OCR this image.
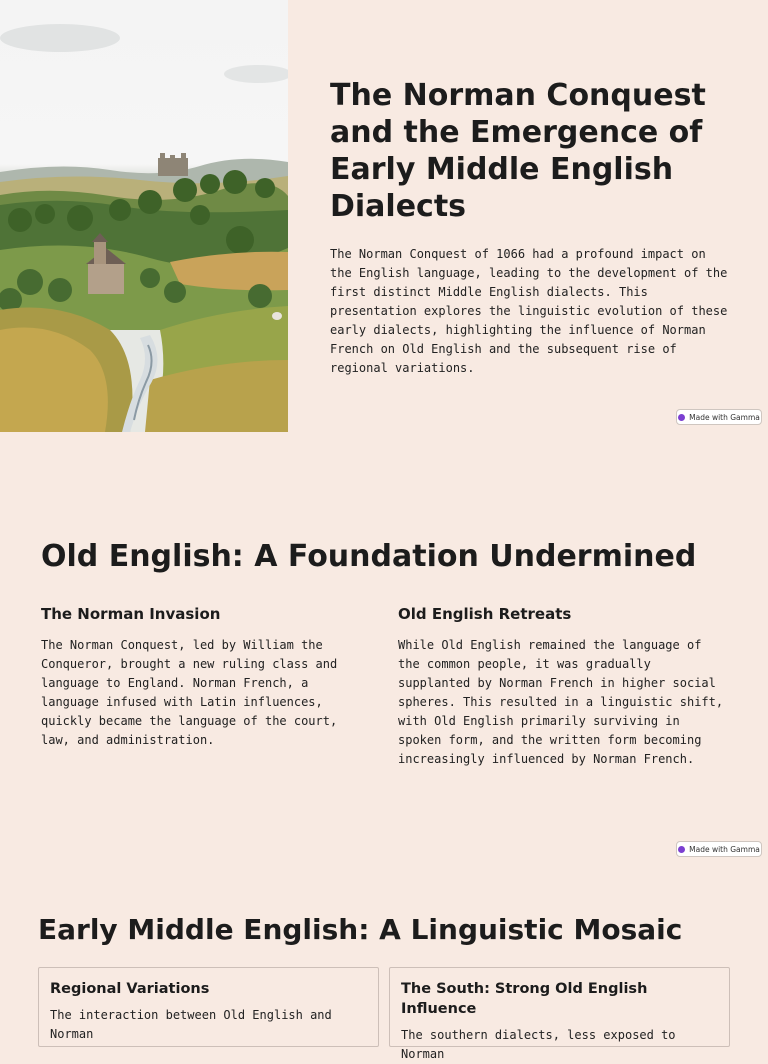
The Norman Conquest and the Emergence of Early Middle English Dialects

The Norman Conquest of 1066 had a profound impact on the English language, leading to the development of the first distinct Middle English dialects. This presentation explores the linguistic evolution of these early dialects, highlighting the influence of Norman French on Old English and the subsequent rise of regional variations.

Made with Gamma
Old English: A Foundation Undermined
The Norman Invasion

The Norman Conquest, led by William the Conqueror, brought a new ruling class and language to England. Norman French, a language infused with Latin influences, quickly became the language of the court, law, and administration.

Old English Retreats

While Old English remained the language of the common people, it was gradually supplanted by Norman French in higher social spheres. This resulted in a linguistic shift, with Old English primarily surviving in spoken form, and the written form becoming increasingly influenced by Norman French.

Made with Gamma
Early Middle English: A Linguistic Mosaic
Regional Variations

The interaction between Old English and Norman

The South: Strong Old English Influence

The southern dialects, less exposed to Norman
